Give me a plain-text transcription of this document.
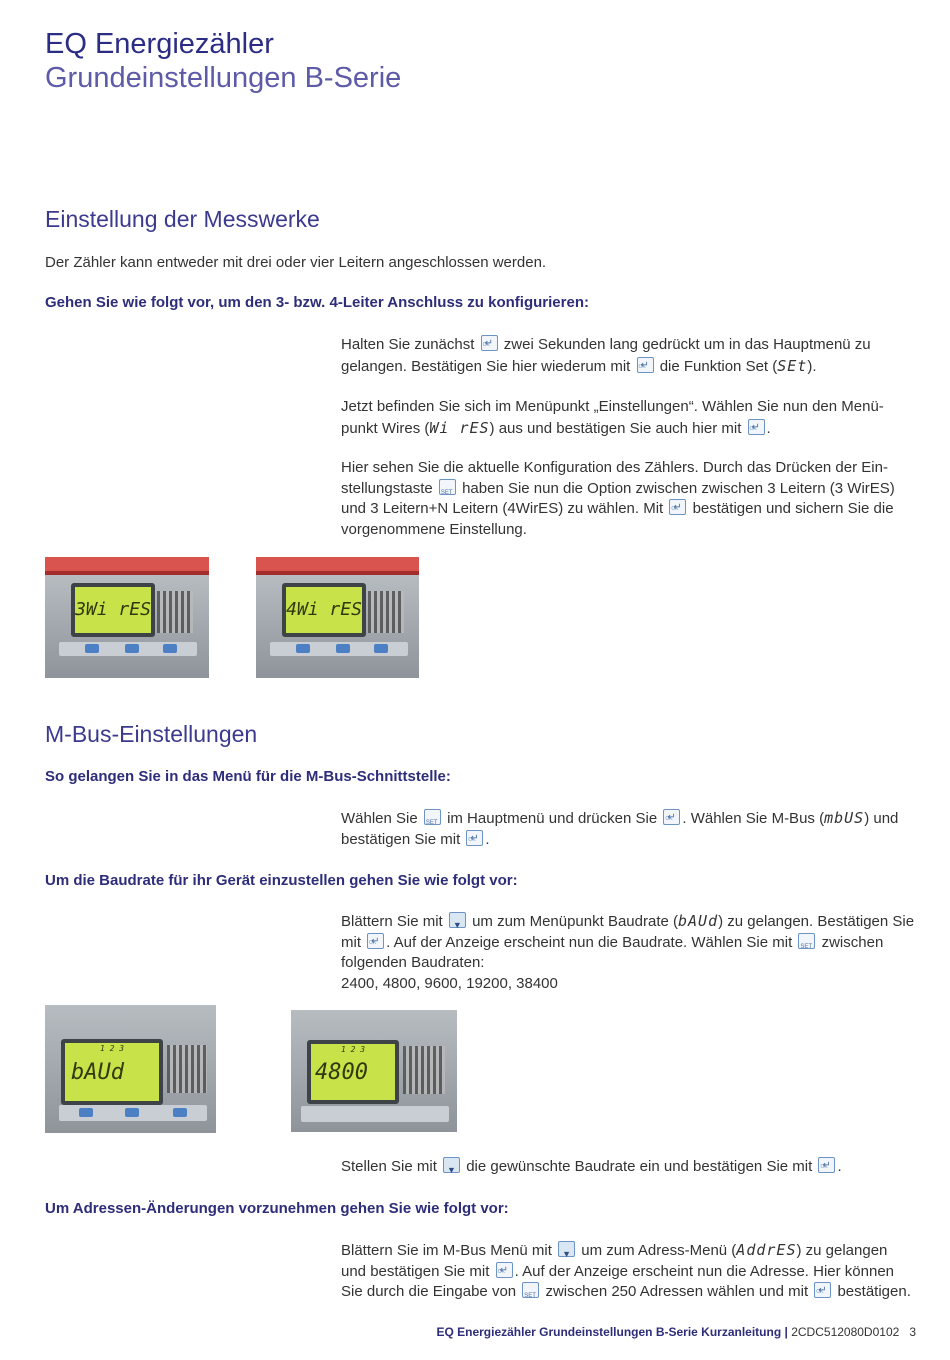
EQ Energiezähler
Grundeinstellungen B-Serie
Einstellung der Messwerke
Der Zähler kann entweder mit drei oder vier Leitern angeschlossen werden.
Gehen Sie wie folgt vor, um den 3- bzw. 4-Leiter Anschluss zu konfigurieren:
Halten Sie zunächst OK ↵ zwei Sekunden lang gedrückt um in das Hauptmenü zu gelangen. Bestätigen Sie hier wiederum mit OK ↵ die Funktion Set (SEt).
Jetzt befinden Sie sich im Menüpunkt „Einstellungen“. Wählen Sie nun den Menü-punkt Wires (Wi rES) aus und bestätigen Sie auch hier mit OK ↵ .
Hier sehen Sie die aktuelle Konfiguration des Zählers. Durch das Drücken der Ein-stellungstaste SET haben Sie nun die Option zwischen zwischen 3 Leitern (3 WirES) und 3 Leitern+N Leitern (4WirES) zu wählen. Mit OK ↵ bestätigen und sichern Sie die vorgenommene Einstellung.
3Wi rES	4Wi rES
M-Bus-Einstellungen
So gelangen Sie in das Menü für die M-Bus-Schnittstelle:
Wählen Sie SET im Hauptmenü und drücken Sie OK ↵ . Wählen Sie M-Bus (mbUS) und bestätigen Sie mit OK ↵ .
Um die Baudrate für ihr Gerät einzustellen gehen Sie wie folgt vor:
Blättern Sie mit ▼ um zum Menüpunkt Baudrate (bAUd) zu gelangen. Bestätigen Sie mit OK ↵ . Auf der Anzeige erscheint nun die Baudrate. Wählen Sie mit SET zwischen folgenden Baudraten:
2400, 4800, 9600, 19200, 38400
1 2 3
bAUd
1 2 3
4800
Stellen Sie mit ▼ die gewünschte Baudrate ein und bestätigen Sie mit OK ↵ .
Um Adressen-Änderungen vorzunehmen gehen Sie wie folgt vor:
Blättern Sie im M-Bus Menü mit ▼ um zum Adress-Menü (AddrES) zu gelangen und bestätigen Sie mit OK ↵ . Auf der Anzeige erscheint nun die Adresse. Hier können Sie durch die Eingabe von SET zwischen 250 Adressen wählen und mit OK ↵ bestätigen.
EQ Energiezähler Grundeinstellungen B-Serie Kurzanleitung | 2CDC512080D0102 3
